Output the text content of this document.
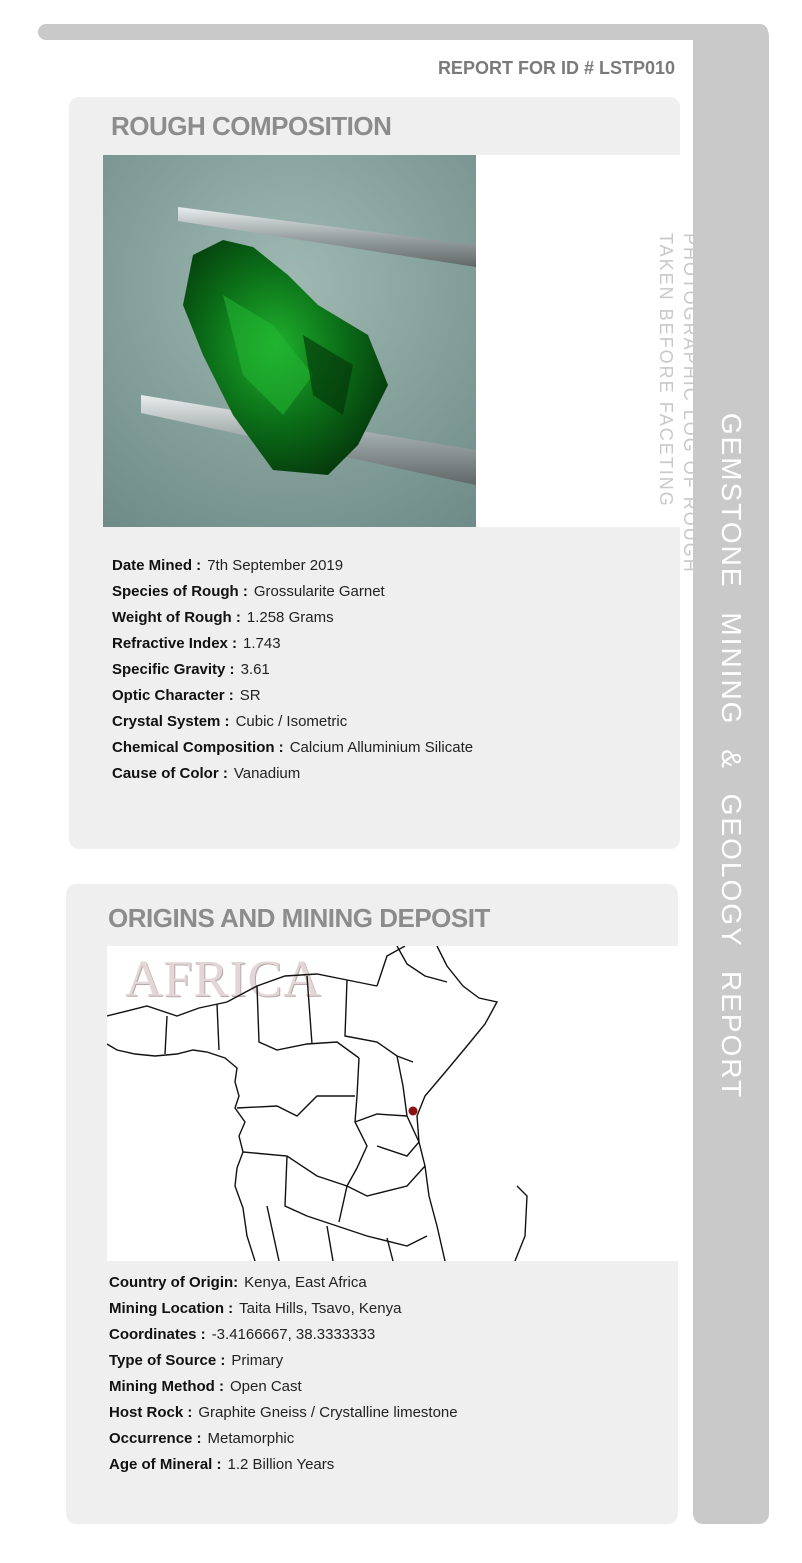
GEMSTONE MINING & GEOLOGY REPORT
REPORT FOR ID # LSTP010
ROUGH COMPOSITION
PHOTOGRAPHIC LOG OF ROUGH
TAKEN BEFORE FACETING
Date Mined : 7th September 2019
Species of Rough : Grossularite Garnet
Weight of Rough : 1.258 Grams
Refractive Index : 1.743
Specific Gravity : 3.61
Optic Character : SR
Crystal System : Cubic / Isometric
Chemical Composition : Calcium Alluminium Silicate
Cause of Color : Vanadium
ORIGINS AND MINING DEPOSIT
AFRICA
Country of Origin: Kenya, East Africa
Mining Location : Taita Hills, Tsavo, Kenya
Coordinates : -3.4166667, 38.3333333
Type of Source : Primary
Mining Method : Open Cast
Host Rock : Graphite Gneiss / Crystalline limestone
Occurrence : Metamorphic
Age of Mineral : 1.2 Billion Years
